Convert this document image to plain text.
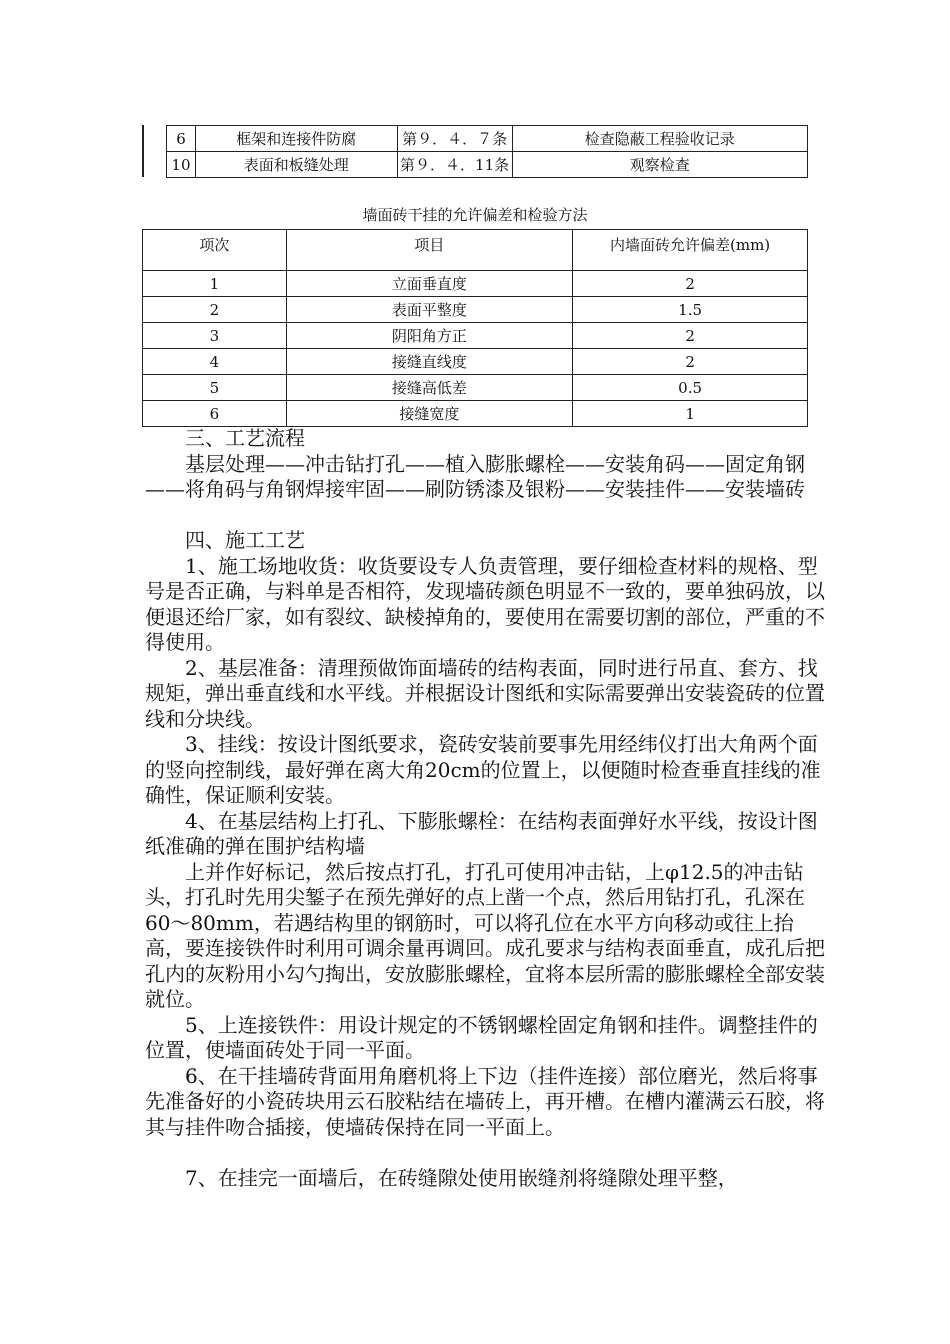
6	框架和连接件防腐	第９．４．７条	检查隐蔽工程验收记录
10	表面和板缝处理	第９．４．11条	观察检查
墙面砖干挂的允许偏差和检验方法
项次	项目	内墙面砖允许偏差(mm)
1	立面垂直度	2
2	表面平整度	1.5
3	阴阳角方正	2
4	接缝直线度	2
5	接缝高低差	0.5
6	接缝宽度	1

三、工艺流程

基层处理——冲击钻打孔——植入膨胀螺栓——安装角码——固定角钢——将角码与角钢焊接牢固——刷防锈漆及银粉——安装挂件——安装墙砖

四、施工工艺

1、施工场地收货：收货要设专人负责管理，要仔细检查材料的规格、型号是否正确，与料单是否相符，发现墙砖颜色明显不一致的，要单独码放，以便退还给厂家，如有裂纹、缺棱掉角的，要使用在需要切割的部位，严重的不得使用。

2、基层准备：清理预做饰面墙砖的结构表面，同时进行吊直、套方、找规矩，弹出垂直线和水平线。并根据设计图纸和实际需要弹出安装瓷砖的位置线和分块线。

3、挂线：按设计图纸要求，瓷砖安装前要事先用经纬仪打出大角两个面的竖向控制线，最好弹在离大角20cm的位置上，以便随时检查垂直挂线的准确性，保证顺利安装。

4、在基层结构上打孔、下膨胀螺栓：在结构表面弹好水平线，按设计图纸准确的弹在围护结构墙

上并作好标记，然后按点打孔，打孔可使用冲击钻，上φ12.5的冲击钻头，打孔时先用尖錾子在预先弹好的点上凿一个点，然后用钻打孔，孔深在60～80mm，若遇结构里的钢筋时，可以将孔位在水平方向移动或往上抬高，要连接铁件时利用可调余量再调回。成孔要求与结构表面垂直，成孔后把孔内的灰粉用小勾勺掏出，安放膨胀螺栓，宜将本层所需的膨胀螺栓全部安装就位。

5、上连接铁件：用设计规定的不锈钢螺栓固定角钢和挂件。调整挂件的位置，使墙面砖处于同一平面。

6、在干挂墙砖背面用角磨机将上下边（挂件连接）部位磨光，然后将事先准备好的小瓷砖块用云石胶粘结在墙砖上，再开槽。在槽内灌满云石胶，将其与挂件吻合插接，使墙砖保持在同一平面上。

7、在挂完一面墙后，在砖缝隙处使用嵌缝剂将缝隙处理平整，
